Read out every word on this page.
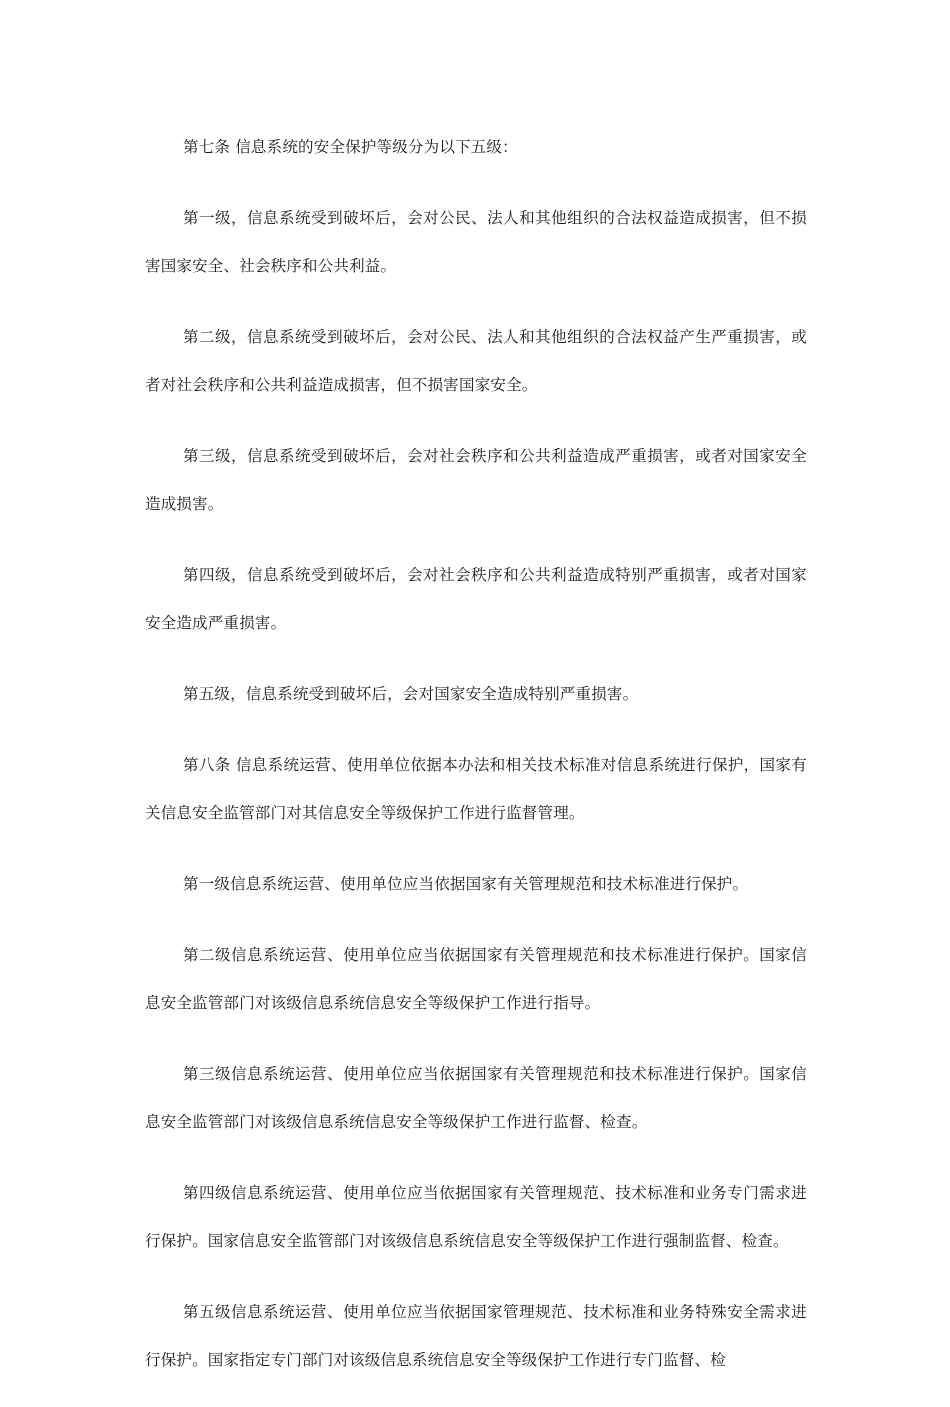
第七条 信息系统的安全保护等级分为以下五级：

第一级，信息系统受到破坏后，会对公民、法人和其他组织的合法权益造成损害，但不损害国家安全、社会秩序和公共利益。

第二级，信息系统受到破坏后，会对公民、法人和其他组织的合法权益产生严重损害，或者对社会秩序和公共利益造成损害，但不损害国家安全。

第三级，信息系统受到破坏后，会对社会秩序和公共利益造成严重损害，或者对国家安全造成损害。

第四级，信息系统受到破坏后，会对社会秩序和公共利益造成特别严重损害，或者对国家安全造成严重损害。

第五级，信息系统受到破坏后，会对国家安全造成特别严重损害。

第八条 信息系统运营、使用单位依据本办法和相关技术标准对信息系统进行保护，国家有关信息安全监管部门对其信息安全等级保护工作进行监督管理。

第一级信息系统运营、使用单位应当依据国家有关管理规范和技术标准进行保护。

第二级信息系统运营、使用单位应当依据国家有关管理规范和技术标准进行保护。国家信息安全监管部门对该级信息系统信息安全等级保护工作进行指导。

第三级信息系统运营、使用单位应当依据国家有关管理规范和技术标准进行保护。国家信息安全监管部门对该级信息系统信息安全等级保护工作进行监督、检查。

第四级信息系统运营、使用单位应当依据国家有关管理规范、技术标准和业务专门需求进行保护。国家信息安全监管部门对该级信息系统信息安全等级保护工作进行强制监督、检查。

第五级信息系统运营、使用单位应当依据国家管理规范、技术标准和业务特殊安全需求进行保护。国家指定专门部门对该级信息系统信息安全等级保护工作进行专门监督、检
